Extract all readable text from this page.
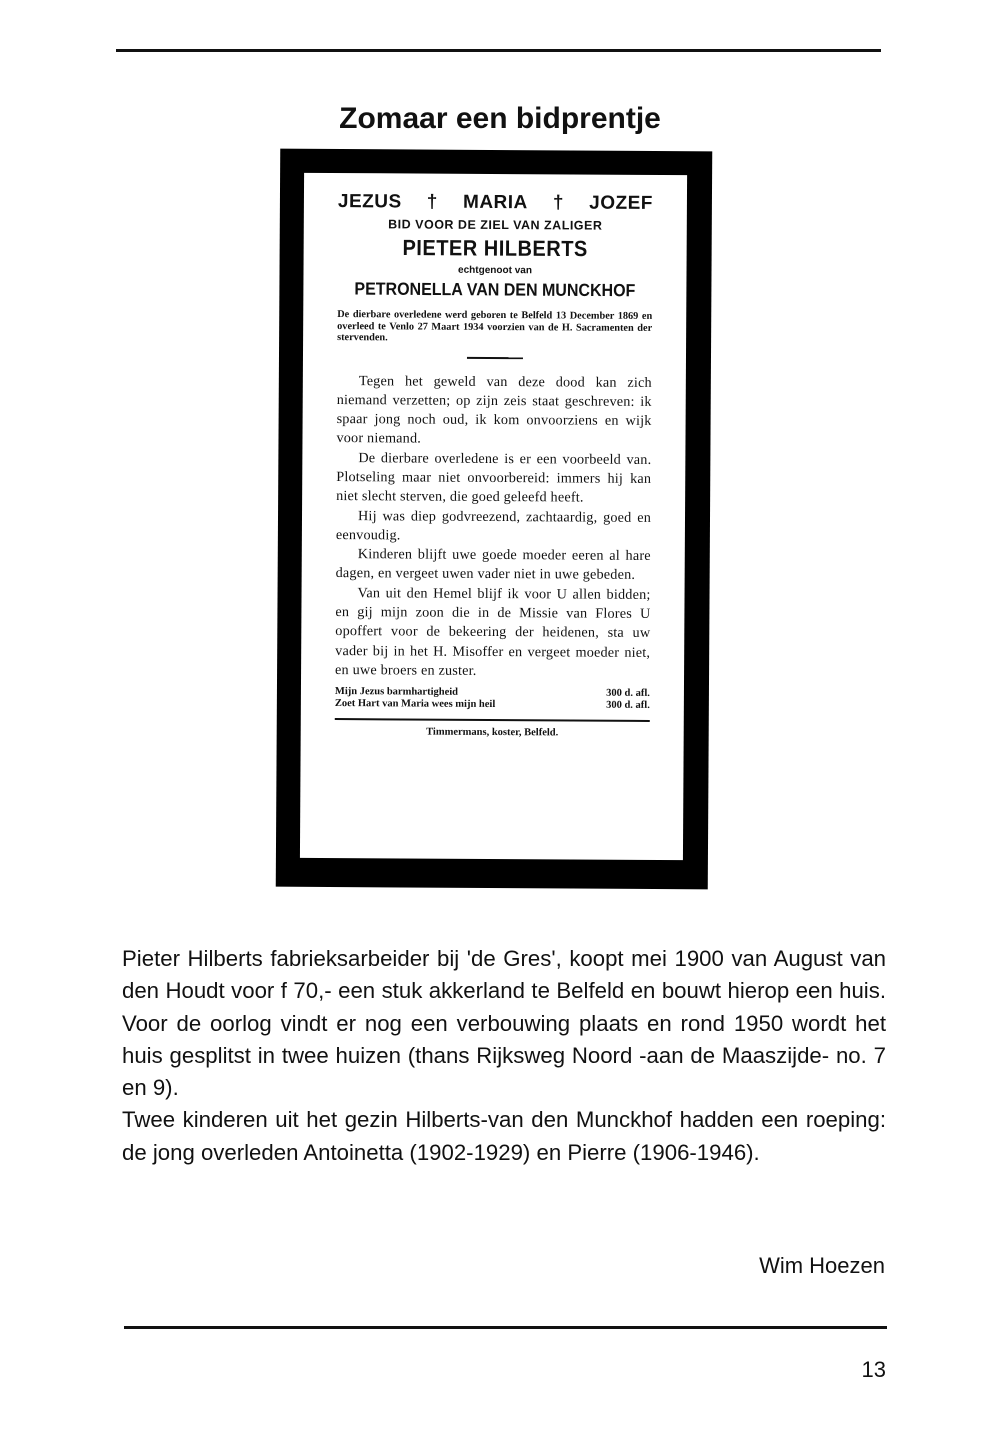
Zomaar een bidprentje
JEZUS † MARIA † JOZEF
BID VOOR DE ZIEL VAN ZALIGER
PIETER HILBERTS
echtgenoot van
PETRONELLA VAN DEN MUNCKHOF
De dierbare overledene werd geboren te Belfeld 13 December 1869 en overleed te Venlo 27 Maart 1934 voorzien van de H. Sacramenten der stervenden.

Tegen het geweld van deze dood kan zich niemand verzetten; op zijn zeis staat geschreven: ik spaar jong noch oud, ik kom onvoorziens en wijk voor niemand.

De dierbare overledene is er een voorbeeld van. Plotseling maar niet onvoorbereid: immers hij kan niet slecht sterven, die goed geleefd heeft.

Hij was diep godvreezend, zachtaardig, goed en eenvoudig.

Kinderen blijft uwe goede moeder eeren al hare dagen, en vergeet uwen vader niet in uwe gebeden.

Van uit den Hemel blijf ik voor U allen bidden; en gij mijn zoon die in de Missie van Flores U opoffert voor de bekeering der heidenen, sta uw vader bij in het H. Misoffer en vergeet moeder niet, en uwe broers en zuster.

Mijn Jezus barmhartigheid	300 d. afl.
Zoet Hart van Maria wees mijn heil	300 d. afl.
Timmermans, koster, Belfeld.

Pieter Hilberts fabrieksarbeider bij 'de Gres', koopt mei 1900 van August van den Houdt voor f 70,- een stuk akkerland te Belfeld en bouwt hierop een huis. Voor de oorlog vindt er nog een verbouwing plaats en rond 1950 wordt het huis gesplitst in twee huizen (thans Rijksweg Noord -aan de Maaszijde- no. 7 en 9).

Twee kinderen uit het gezin Hilberts-van den Munckhof hadden een roeping: de jong overleden Antoinetta (1902-1929) en Pierre (1906-1946).

Wim Hoezen
13
